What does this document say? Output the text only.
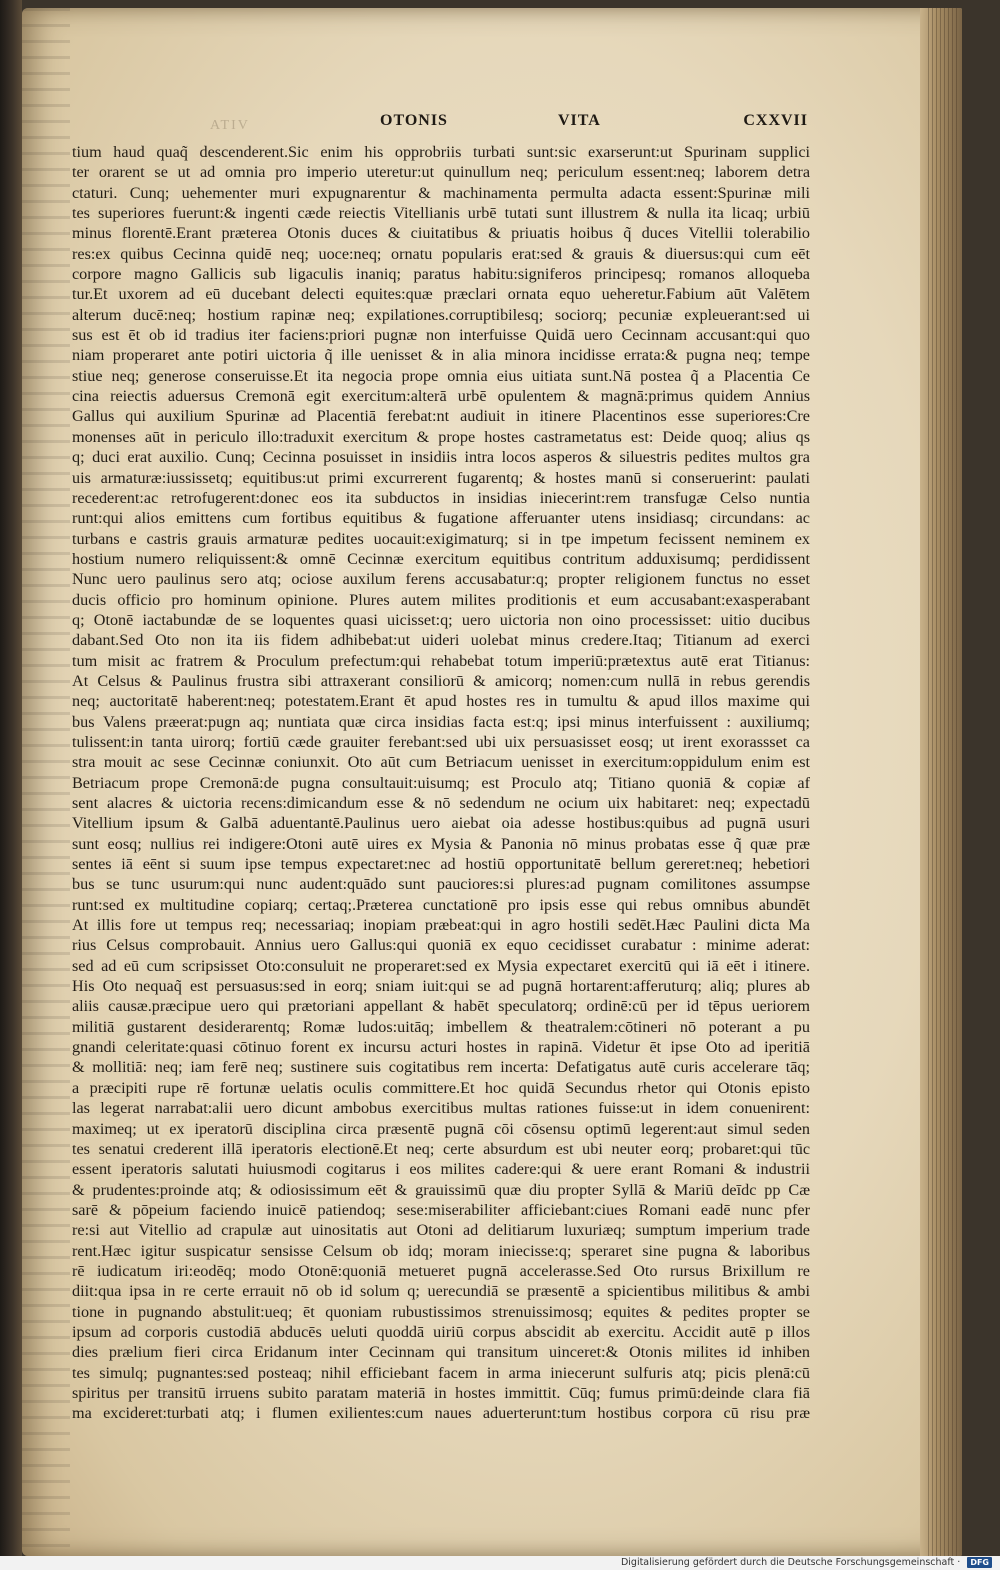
ATIV	OTONIS	VITA	CXXVII
tium haud quaq̃ descenderent.Sic enim his opprobriis turbati sunt:sic exarserunt:ut Spurinam supplici
ter orarent se ut ad omnia pro imperio uteretur:ut quinullum neq; periculum essent:neq; laborem detra
ctaturi. Cunq; uehementer muri expugnarentur & machinamenta permulta adacta essent:Spurinæ mili
tes superiores fuerunt:& ingenti cæde reiectis Vitellianis urbē tutati sunt illustrem & nulla ita licaq; urbiū
minus florentē.Erant præterea Otonis duces & ciuitatibus & priuatis hoibus q̃ duces Vitellii tolerabilio
res:ex quibus Cecinna quidē neq; uoce:neq; ornatu popularis erat:sed & grauis & diuersus:qui cum eēt
corpore magno Gallicis sub ligaculis inaniq; paratus habitu:signiferos principesq; romanos alloqueba
tur.Et uxorem ad eū ducebant delecti equites:quæ præclari ornata equo ueheretur.Fabium aūt Valētem
alterum ducē:neq; hostium rapinæ neq; expilationes.corruptibilesq; sociorq; pecuniæ expleuerant:sed ui
sus est ēt ob id tradius iter faciens:priori pugnæ non interfuisse Quidā uero Cecinnam accusant:qui quo
niam properaret ante potiri uictoria q̃ ille uenisset & in alia minora incidisse errata:& pugna neq; tempe
stiue neq; generose conseruisse.Et ita negocia prope omnia eius uitiata sunt.Nā postea q̃ a Placentia Ce
cina reiectis aduersus Cremonā egit exercitum:alterā urbē opulentem & magnā:primus quidem Annius
Gallus qui auxilium Spurinæ ad Placentiā ferebat:nt audiuit in itinere Placentinos esse superiores:Cre
monenses aūt in periculo illo:traduxit exercitum & prope hostes castrametatus est: Deide quoq; alius qs
q; duci erat auxilio. Cunq; Cecinna posuisset in insidiis intra locos asperos & siluestris pedites multos gra
uis armaturæ:iussissetq; equitibus:ut primi excurrerent fugarentq; & hostes manū si conseruerint: paulati
recederent:ac retrofugerent:donec eos ita subductos in insidias iniecerint:rem transfugæ Celso nuntia
runt:qui alios emittens cum fortibus equitibus & fugatione afferuanter utens insidiasq; circundans: ac
turbans e castris grauis armaturæ pedites uocauit:exigimaturq; si in tpe impetum fecissent neminem ex
hostium numero reliquissent:& omnē Cecinnæ exercitum equitibus contritum adduxisumq; perdidissent
Nunc uero paulinus sero atq; ociose auxilum ferens accusabatur:q; propter religionem functus no esset
ducis officio pro hominum opinione. Plures autem milites proditionis et eum accusabant:exasperabant
q; Otonē iactabundæ de se loquentes quasi uicisset:q; uero uictoria non oino processisset: uitio ducibus
dabant.Sed Oto non ita iis fidem adhibebat:ut uideri uolebat minus credere.Itaq; Titianum ad exerci
tum misit ac fratrem & Proculum prefectum:qui rehabebat totum imperiū:prætextus autē erat Titianus:
At Celsus & Paulinus frustra sibi attraxerant consiliorū & amicorq; nomen:cum nullā in rebus gerendis
neq; auctoritatē haberent:neq; potestatem.Erant ēt apud hostes res in tumultu & apud illos maxime qui
bus Valens præerat:pugn aq; nuntiata quæ circa insidias facta est:q; ipsi minus interfuissent : auxiliumq;
tulissent:in tanta uirorq; fortiū cæde grauiter ferebant:sed ubi uix persuasisset eosq; ut irent exorassset ca
stra mouit ac sese Cecinnæ coniunxit. Oto aūt cum Betriacum uenisset in exercitum:oppidulum enim est
Betriacum prope Cremonā:de pugna consultauit:uisumq; est Proculo atq; Titiano quoniā & copiæ af
sent alacres & uictoria recens:dimicandum esse & nō sedendum ne ocium uix habitaret: neq; expectadū
Vitellium ipsum & Galbā aduentantē.Paulinus uero aiebat oia adesse hostibus:quibus ad pugnā usuri
sunt eosq; nullius rei indigere:Otoni autē uires ex Mysia & Panonia nō minus probatas esse q̃ quæ præ
sentes iā eēnt si suum ipse tempus expectaret:nec ad hostiū opportunitatē bellum gereret:neq; hebetiori
bus se tunc usurum:qui nunc audent:quādo sunt pauciores:si plures:ad pugnam comilitones assumpse
runt:sed ex multitudine copiarq; certaq;.Præterea cunctationē pro ipsis esse qui rebus omnibus abundēt
At illis fore ut tempus req; necessariaq; inopiam præbeat:qui in agro hostili sedēt.Hæc Paulini dicta Ma
rius Celsus comprobauit. Annius uero Gallus:qui quoniā ex equo cecidisset curabatur : minime aderat:
sed ad eū cum scripsisset Oto:consuluit ne properaret:sed ex Mysia expectaret exercitū qui iā eēt i itinere.
His Oto nequaq̃ est persuasus:sed in eorq; sniam iuit:qui se ad pugnā hortarent:afferuturq; aliq; plures ab
aliis causæ.præcipue uero qui prætoriani appellant & habēt speculatorq; ordinē:cū per id tēpus ueriorem
militiā gustarent desiderarentq; Romæ ludos:uitāq; imbellem & theatralem:cōtineri nō poterant a pu
gnandi celeritate:quasi cōtinuo forent ex incursu acturi hostes in rapinā. Videtur ēt ipse Oto ad iperitiā
& mollitiā: neq; iam ferē neq; sustinere suis cogitatibus rem incerta: Defatigatus autē curis accelerare tāq;
a præcipiti rupe rē fortunæ uelatis oculis committere.Et hoc quidā Secundus rhetor qui Otonis episto
las legerat narrabat:alii uero dicunt ambobus exercitibus multas rationes fuisse:ut in idem conuenirent:
maximeq; ut ex iperatorū disciplina circa præsentē pugnā cōi cōsensu optimū legerent:aut simul seden
tes senatui crederent illā iperatoris electionē.Et neq; certe absurdum est ubi neuter eorq; probaret:qui tūc
essent iperatoris salutati huiusmodi cogitarus i eos milites cadere:qui & uere erant Romani & industrii
& prudentes:proinde atq; & odiosissimum eēt & grauissimū quæ diu propter Syllā & Mariū deīdc pp Cæ
sarē & pōpeium faciendo inuicē patiendoq; sese:miserabiliter afficiebant:ciues Romani eadē nunc pfer
re:si aut Vitellio ad crapulæ aut uinositatis aut Otoni ad delitiarum luxuriæq; sumptum imperium trade
rent.Hæc igitur suspicatur sensisse Celsum ob idq; moram iniecisse:q; speraret sine pugna & laboribus
rē iudicatum iri:eodēq; modo Otonē:quoniā metueret pugnā accelerasse.Sed Oto rursus Brixillum re
diit:qua ipsa in re certe errauit nō ob id solum q; uerecundiā se præsentē a spicientibus militibus & ambi
tione in pugnando abstulit:ueq; ēt quoniam rubustissimos strenuissimosq; equites & pedites propter se
ipsum ad corporis custodiā abducēs ueluti quoddā uiriū corpus abscidit ab exercitu. Accidit autē p illos
dies prælium fieri circa Eridanum inter Cecinnam qui transitum uinceret:& Otonis milites id inhiben
tes simulq; pugnantes:sed posteaq; nihil efficiebant facem in arma iniecerunt sulfuris atq; picis plenā:cū
spiritus per transitū irruens subito paratam materiā in hostes immittit. Cūq; fumus primū:deinde clara fiā
ma excideret:turbati atq; i flumen exilientes:cum naues aduerterunt:tum hostibus corpora cū risu præ
Digitalisierung gefördert durch die Deutsche Forschungsgemeinschaft · DFG
